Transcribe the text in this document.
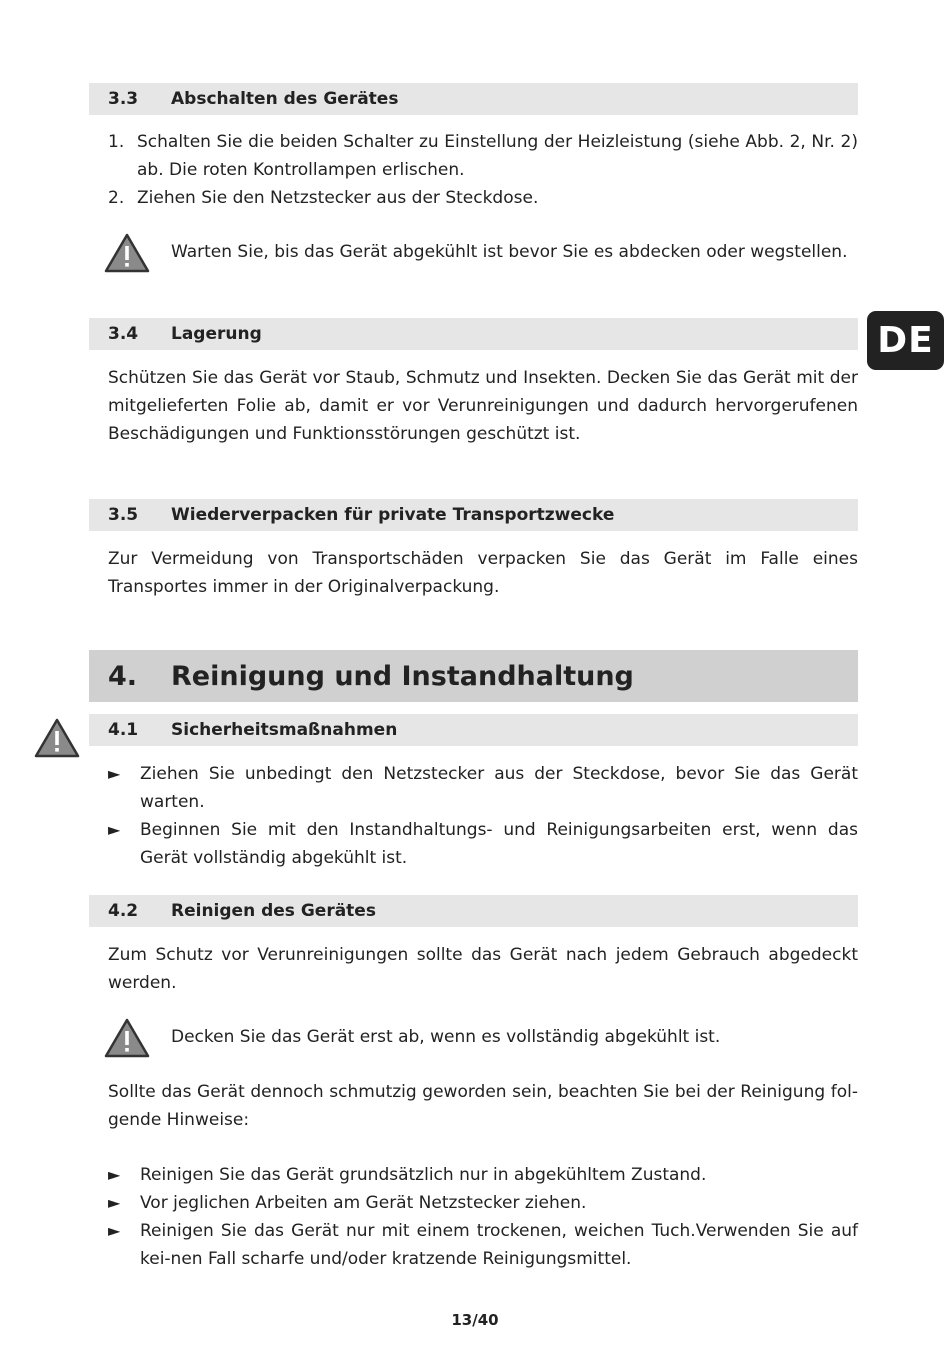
DE
3.3 Abschalten des Gerätes
1. Schalten Sie die beiden Schalter zu Einstellung der Heizleistung (siehe Abb. 2, Nr. 2) ab. Die roten Kontrollampen erlischen.
2. Ziehen Sie den Netzstecker aus der Steckdose.
Warten Sie, bis das Gerät abgekühlt ist bevor Sie es abdecken oder wegstellen.
3.4 Lagerung

Schützen Sie das Gerät vor Staub, Schmutz und Insekten. Decken Sie das Gerät mit der mitgelieferten Folie ab, damit er vor Verunreinigungen und dadurch hervorgerufenen Beschädigungen und Funktionsstörungen geschützt ist.

3.5 Wiederverpacken für private Transportzwecke

Zur Vermeidung von Transportschäden verpacken Sie das Gerät im Falle eines Transportes immer in der Originalverpackung.

4. Reinigung und Instandhaltung
4.1 Sicherheitsmaßnahmen
► Ziehen Sie unbedingt den Netzstecker aus der Steckdose, bevor Sie das Gerät warten.
► Beginnen Sie mit den Instandhaltungs- und Reinigungsarbeiten erst, wenn das Gerät vollständig abgekühlt ist.
4.2 Reinigen des Gerätes

Zum Schutz vor Verunreinigungen sollte das Gerät nach jedem Gebrauch abgedeckt werden.

Decken Sie das Gerät erst ab, wenn es vollständig abgekühlt ist.

Sollte das Gerät dennoch schmutzig geworden sein, beachten Sie bei der Reinigung fol-gende Hinweise:

► Reinigen Sie das Gerät grundsätzlich nur in abgekühltem Zustand.
► Vor jeglichen Arbeiten am Gerät Netzstecker ziehen.
► Reinigen Sie das Gerät nur mit einem trockenen, weichen Tuch.Verwenden Sie auf kei-nen Fall scharfe und/oder kratzende Reinigungsmittel.
13/40
